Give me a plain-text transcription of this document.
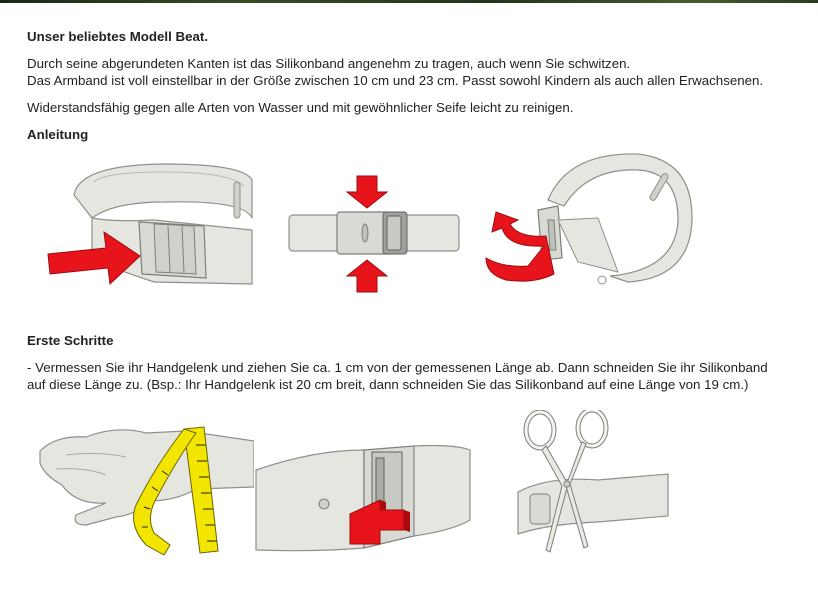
Unser beliebtes Modell Beat.

Durch seine abgerundeten Kanten ist das Silikonband angenehm zu tragen, auch wenn Sie schwitzen.

Das Armband ist voll einstellbar in der Größe zwischen 10 cm und 23 cm. Passt sowohl Kindern als auch allen Erwachsenen.

Widerstandsfähig gegen alle Arten von Wasser und mit gewöhnlicher Seife leicht zu reinigen.

Anleitung

Erste Schritte

- Vermessen Sie ihr Handgelenk und ziehen Sie ca. 1 cm von der gemessenen Länge ab. Dann schneiden Sie ihr Silikonband

auf diese Länge zu. (Bsp.: Ihr Handgelenk ist 20 cm breit, dann schneiden Sie das Silikonband auf eine Länge von 19 cm.)
